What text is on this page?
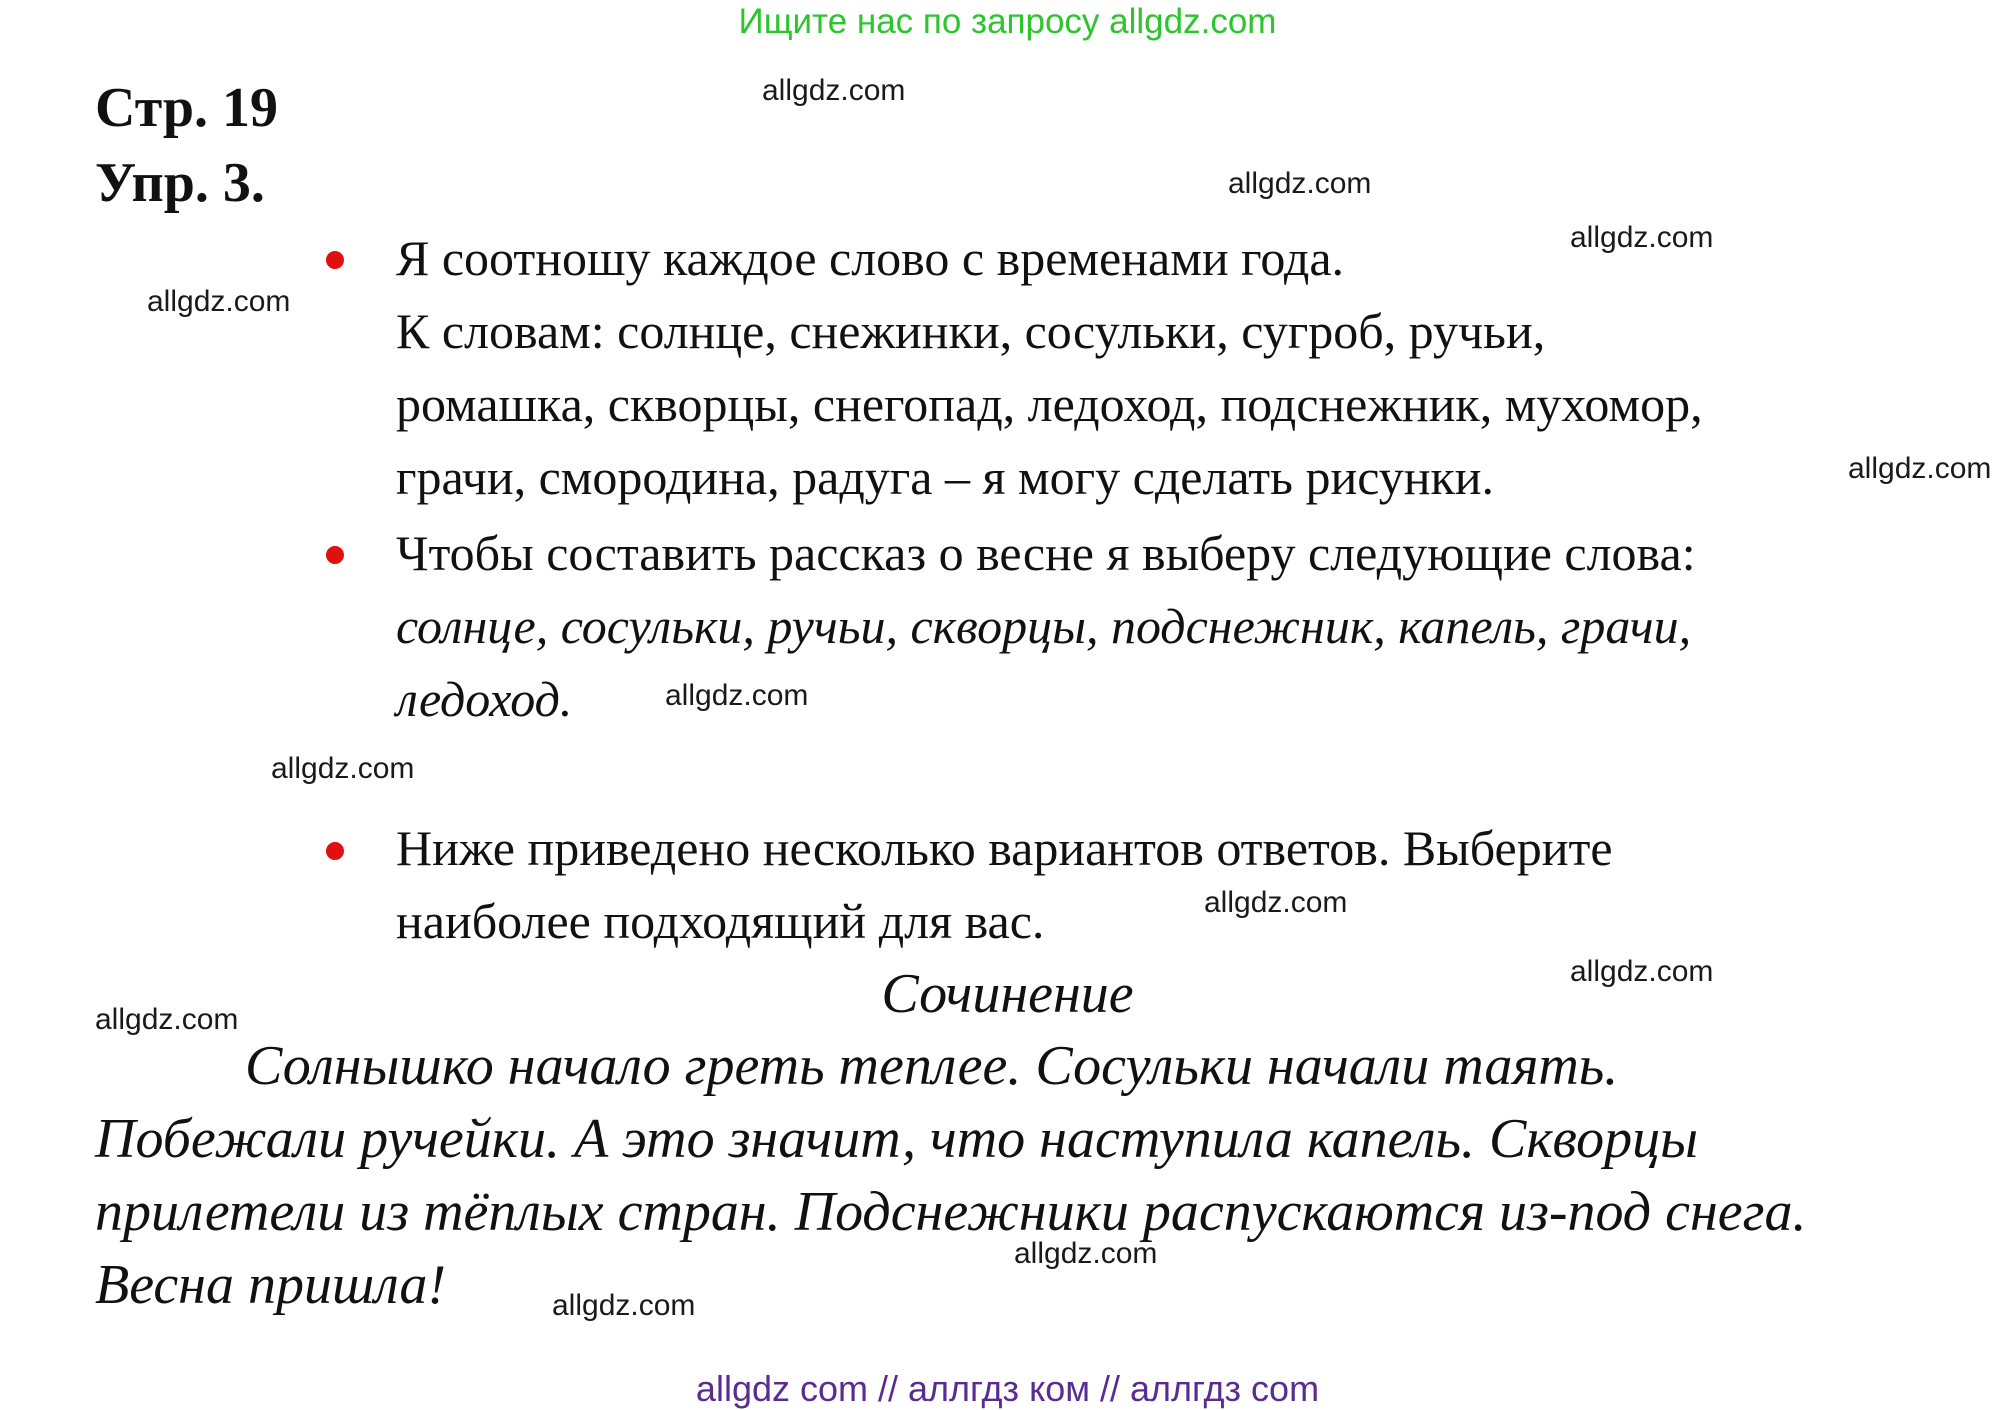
Ищите нас по запросу allgdz.com
Стр. 19
Упр. 3.
Я соотношу каждое слово с временами года.
К словам: солнце, снежинки, сосульки, сугроб, ручьи,
ромашка, скворцы, снегопад, ледоход, подснежник, мухомор,
грачи, смородина, радуга – я могу сделать рисунки.
Чтобы составить рассказ о весне я выберу следующие слова:
солнце, сосульки, ручьи, скворцы, подснежник, капель, грачи,
ледоход.
Ниже приведено несколько вариантов ответов. Выберите
наиболее подходящий для вас.
Сочинение
Солнышко начало греть теплее. Сосульки начали таять.
Побежали ручейки. А это значит, что наступила капель. Скворцы
прилетели из тёплых стран. Подснежники распускаются из-под снега.
Весна пришла!
allgdz.com
allgdz.com
allgdz.com
allgdz.com
allgdz.com
allgdz.com
allgdz.com
allgdz.com
allgdz.com
allgdz.com
allgdz.com
allgdz.com
allgdz com // аллгдз ком // аллгдз com
